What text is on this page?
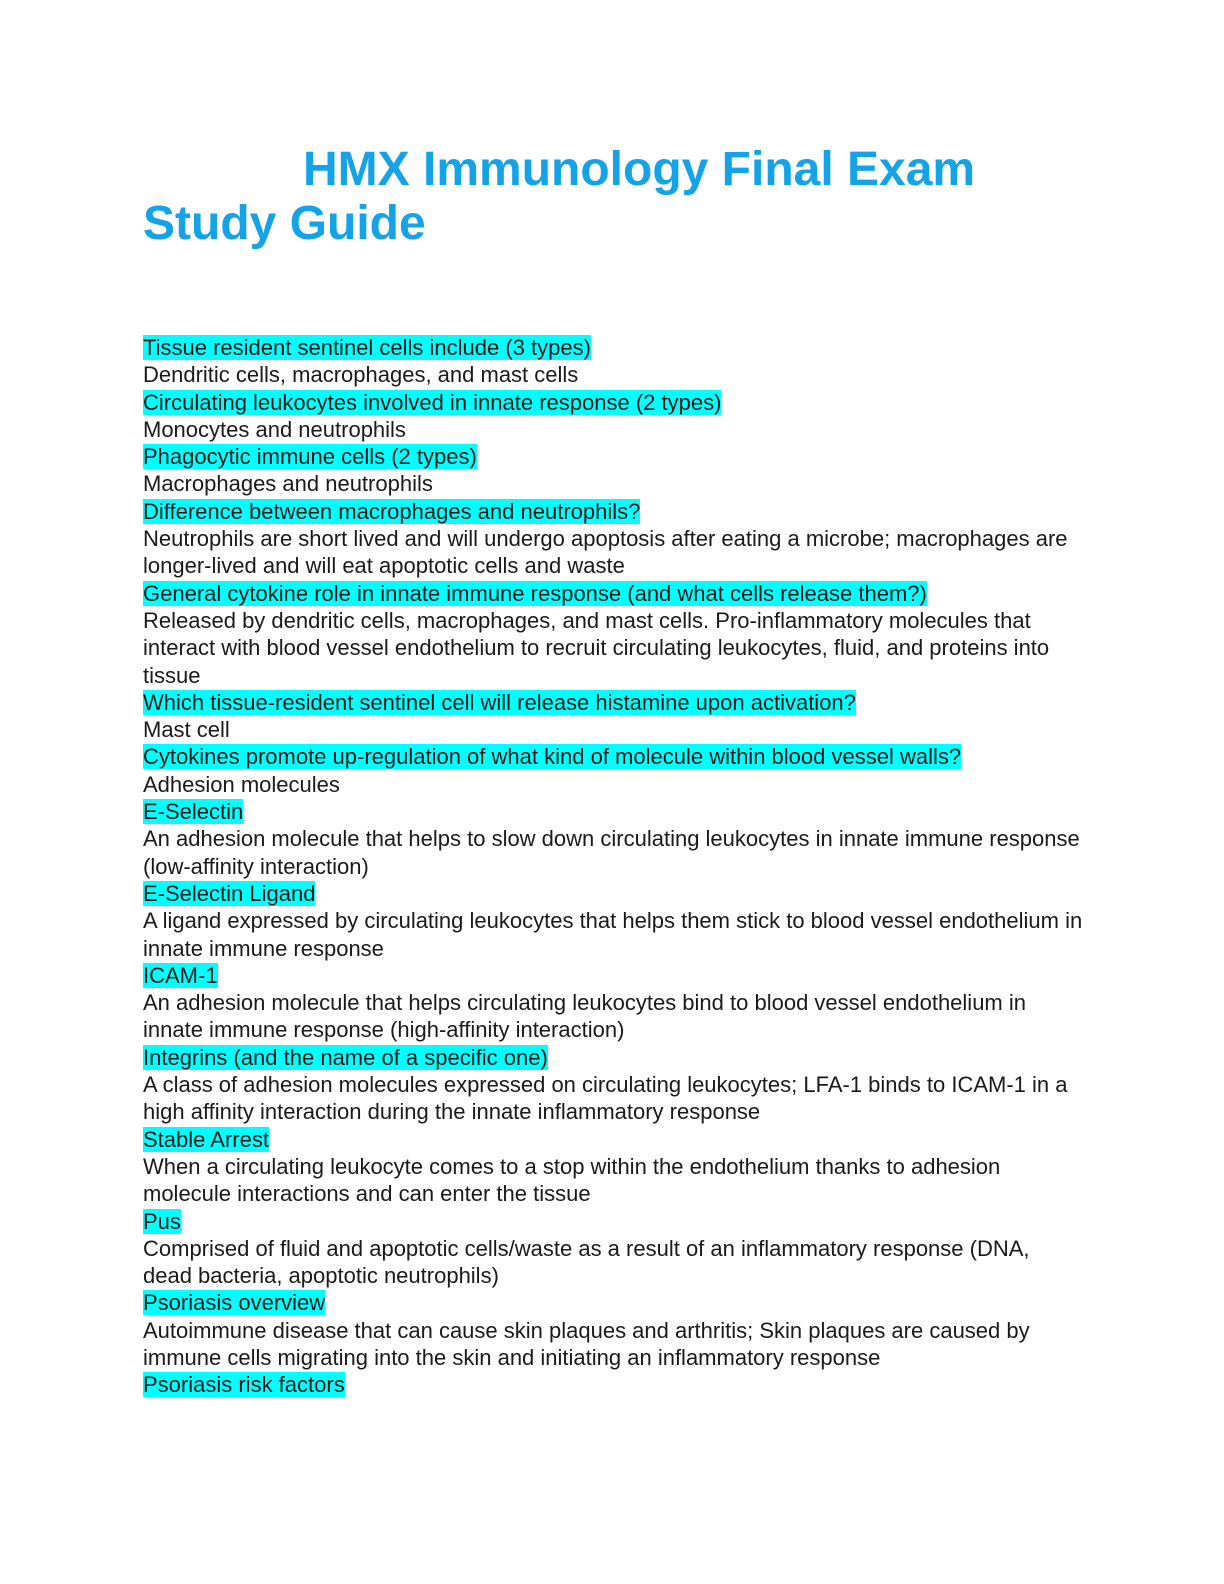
HMX Immunology Final Exam
Study Guide
Tissue resident sentinel cells include (3 types)
Dendritic cells, macrophages, and mast cells
Circulating leukocytes involved in innate response (2 types)
Monocytes and neutrophils
Phagocytic immune cells (2 types)
Macrophages and neutrophils
Difference between macrophages and neutrophils?
Neutrophils are short lived and will undergo apoptosis after eating a microbe; macrophages are longer-lived and will eat apoptotic cells and waste
General cytokine role in innate immune response (and what cells release them?)
Released by dendritic cells, macrophages, and mast cells. Pro-inflammatory molecules that interact with blood vessel endothelium to recruit circulating leukocytes, fluid, and proteins into tissue
Which tissue-resident sentinel cell will release histamine upon activation?
Mast cell
Cytokines promote up-regulation of what kind of molecule within blood vessel walls?
Adhesion molecules
E-Selectin
An adhesion molecule that helps to slow down circulating leukocytes in innate immune response (low-affinity interaction)
E-Selectin Ligand
A ligand expressed by circulating leukocytes that helps them stick to blood vessel endothelium in innate immune response
ICAM-1
An adhesion molecule that helps circulating leukocytes bind to blood vessel endothelium in innate immune response (high-affinity interaction)
Integrins (and the name of a specific one)
A class of adhesion molecules expressed on circulating leukocytes; LFA-1 binds to ICAM-1 in a high affinity interaction during the innate inflammatory response
Stable Arrest
When a circulating leukocyte comes to a stop within the endothelium thanks to adhesion molecule interactions and can enter the tissue
Pus
Comprised of fluid and apoptotic cells/waste as a result of an inflammatory response (DNA, dead bacteria, apoptotic neutrophils)
Psoriasis overview
Autoimmune disease that can cause skin plaques and arthritis; Skin plaques are caused by immune cells migrating into the skin and initiating an inflammatory response
Psoriasis risk factors
